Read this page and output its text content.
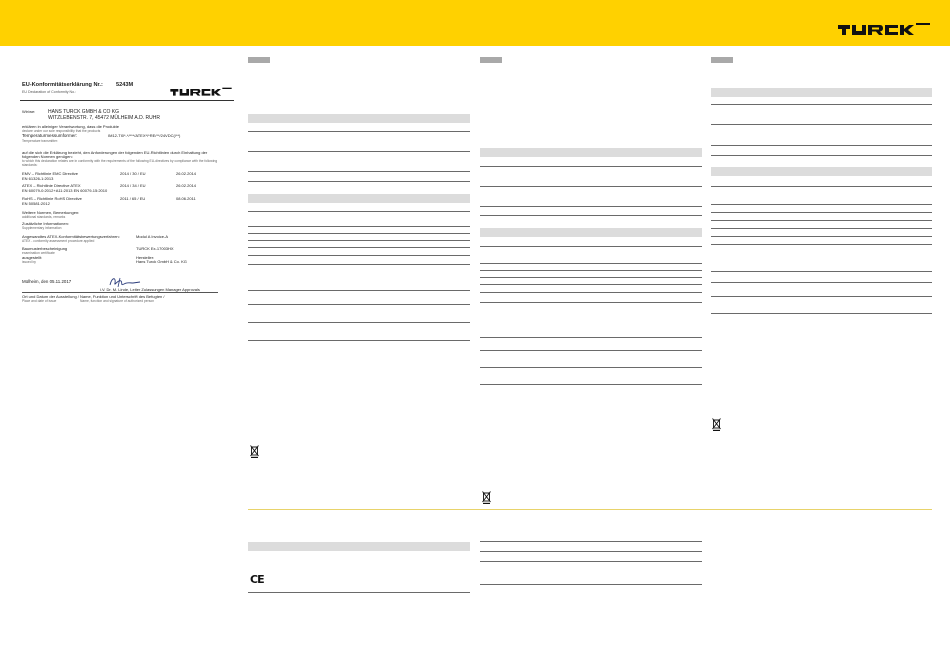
EU-Konformitätserklärung Nr.:
EU Declaration of Conformity No.:
5243M
Wir/we:	HANS TURCK GMBH & CO KG
WITZLEBENSTR. 7, 45472 MÜLHEIM A.D. RUHR
erklären in alleiniger Verantwortung, dass die Produkte
declare under our sole responsibility that the products
Temperaturmessumformer:
Temperature transmitter:
IM12-TI0*-*/***/ATEX*/*RE/**/24VDC(/**)
auf die sich die Erklärung bezieht, den Anforderungen der folgenden EU-Richtlinien durch Einhaltung der
folgenden Normen genügen:
to which this declaration relates are in conformity with the requirements of the following EU-directives by compliance with the following
standards:
EMV – Richtlinie EMC Directive	2014 / 30 / EU	26.02.2014
EN 61326-1:2013
ATEX – Richtlinie Directive ATEX	2014 / 34 / EU	26.02.2014
EN 60079-0:2012+A11:2013 EN 60079-15:2010
RoHS – Richtlinie RoHS Directive	2011 / 65 / EU	08.06.2011
EN 50581:2012
Weitere Normen, Bemerkungen:
additional standards, remarks
Zusätzliche Informationen:
Supplementary information
Angewandtes ATEX-Konformitätsbewertungsverfahren:
ATEX - conformity assessment procedure applied
Modul A Invoice-A
Baumusterbescheinigung
examination certificate
TURCK Ex-17003HX
ausgestellt:
issued by
Hersteller:
Hans Turck GmbH & Co. KG
Mülheim, den 05.11.2017
i.V. Dr. M. Linde, Leiter Zulassungen Manager Approvals
Ort und Datum der Ausstellung /
Place and date of issue
Name, Funktion und Unterschrift des Befugten /
Name, function and signature of authorized person
CE
